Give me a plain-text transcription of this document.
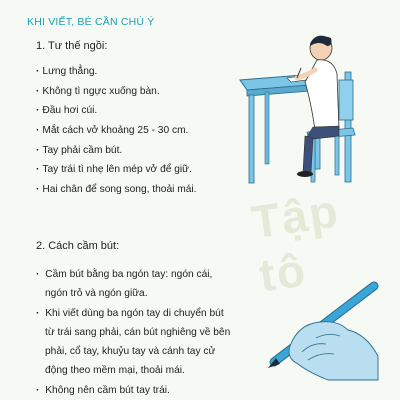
Tập tô
KHI VIẾT, BÉ CẦN CHÚ Ý
1. Tư thế ngồi:
· Lưng thẳng.
· Không tì ngực xuống bàn.
· Đầu hơi cúi.
· Mắt cách vở khoảng 25 - 30 cm.
· Tay phải cầm bút.
· Tay trái tì nhẹ lên mép vở để giữ.
· Hai chân để song song, thoải mái.
2. Cách cầm bút:
· Cầm bút bằng ba ngón tay: ngón cái,
ngón trỏ và ngón giữa.
· Khi viết dùng ba ngón tay di chuyển bút
từ trái sang phải, cán bút nghiêng về bên
phải, cổ tay, khuỷu tay và cánh tay cử
động theo mềm mại, thoải mái.
· Không nên cầm bút tay trái.
